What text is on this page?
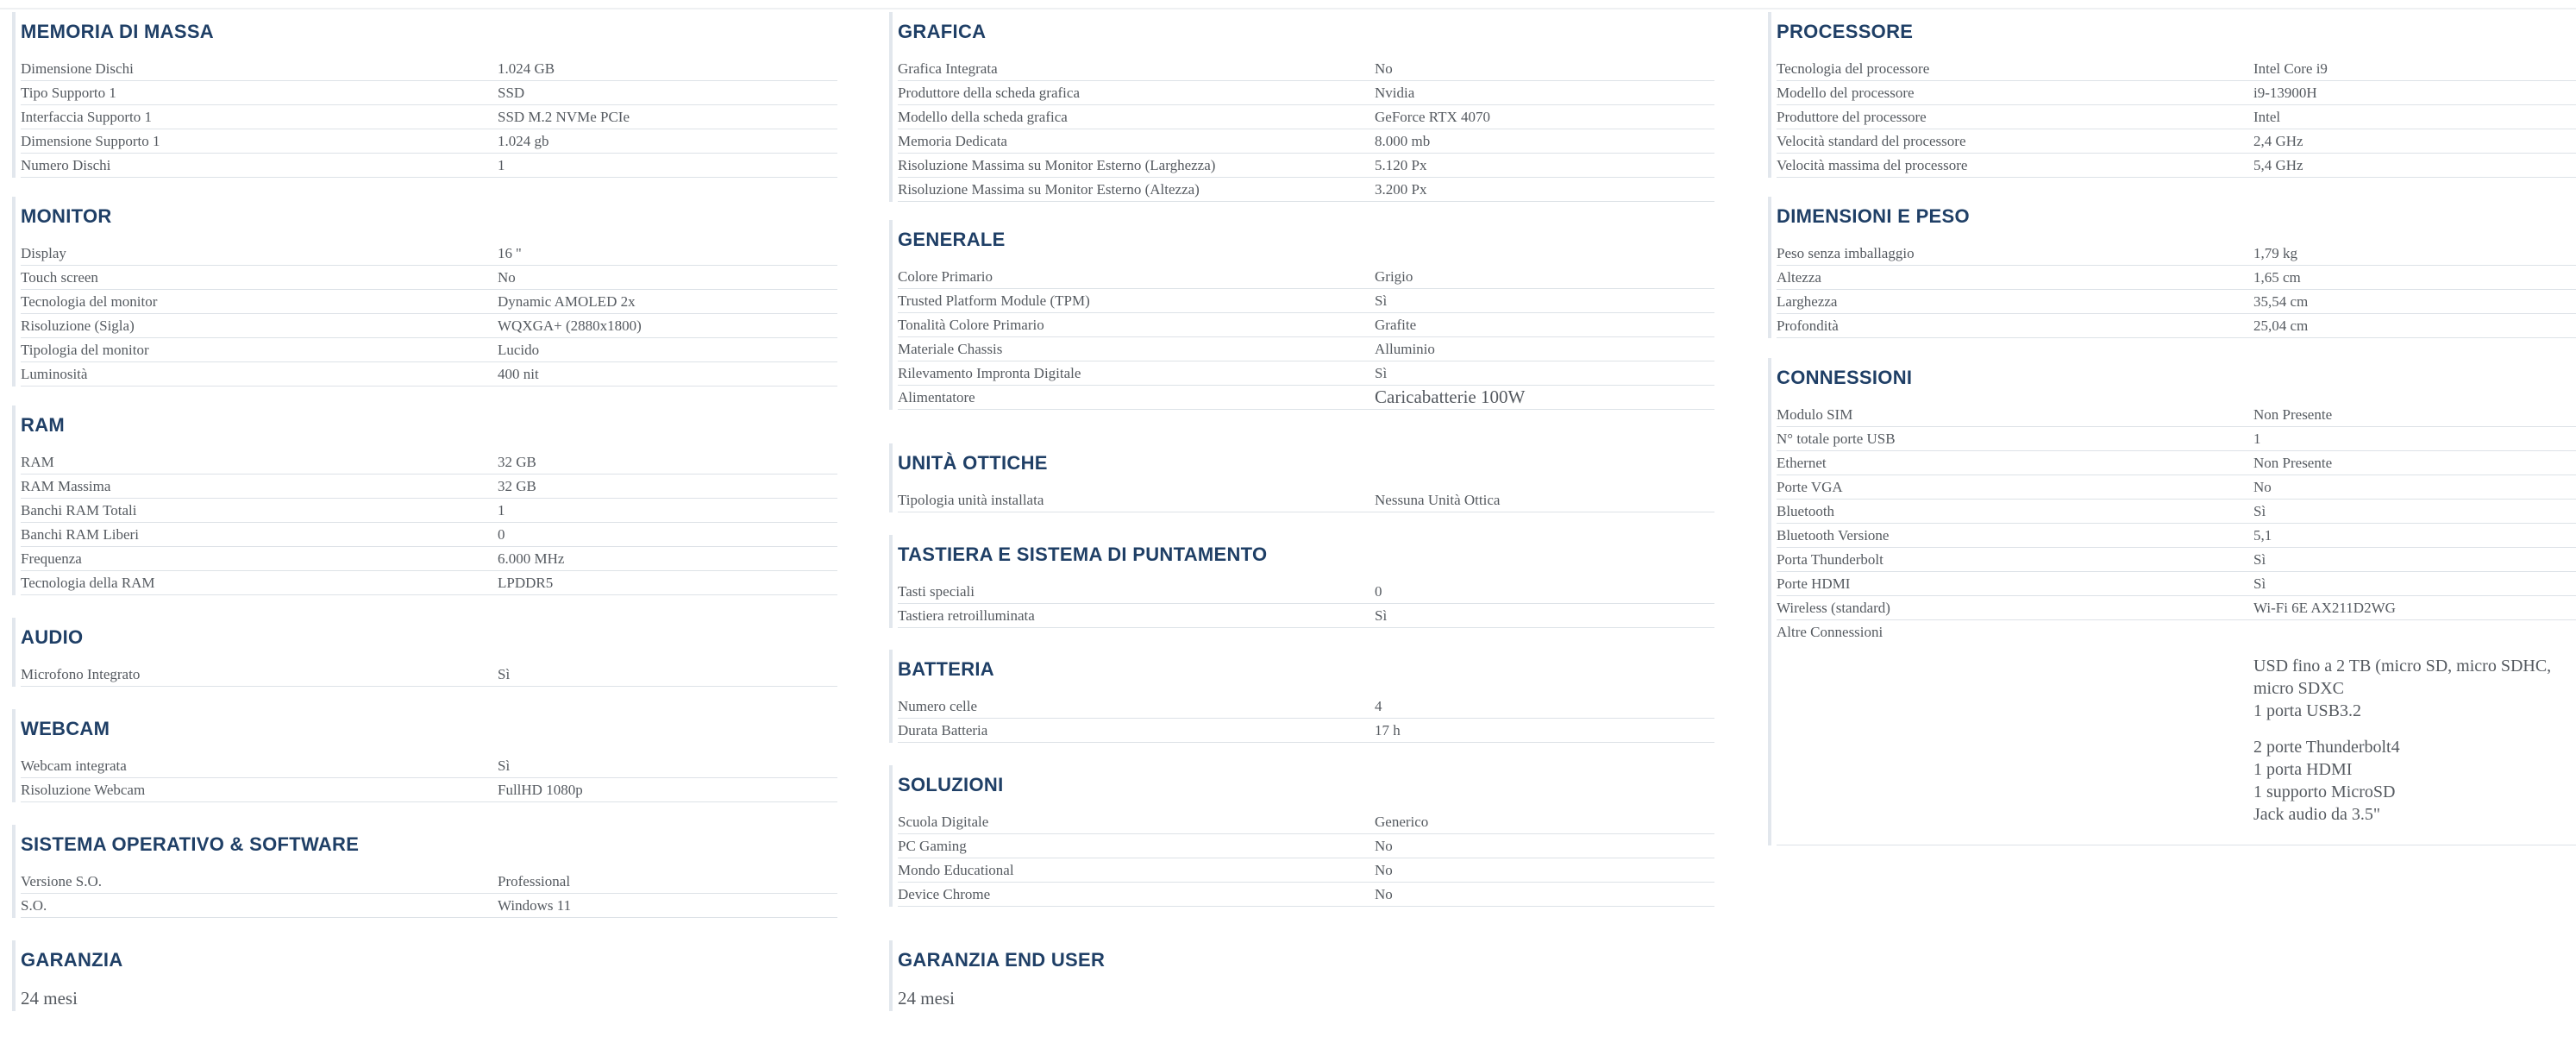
MEMORIA DI MASSA
Dimensione Dischi	1.024 GB
Tipo Supporto 1	SSD
Interfaccia Supporto 1	SSD M.2 NVMe PCIe
Dimensione Supporto 1	1.024 gb
Numero Dischi	1
MONITOR
Display	16 ''
Touch screen	No
Tecnologia del monitor	Dynamic AMOLED 2x
Risoluzione (Sigla)	WQXGA+ (2880x1800)
Tipologia del monitor	Lucido
Luminosità	400 nit
RAM
RAM	32 GB
RAM Massima	32 GB
Banchi RAM Totali	1
Banchi RAM Liberi	0
Frequenza	6.000 MHz
Tecnologia della RAM	LPDDR5
AUDIO
Microfono Integrato	Sì
WEBCAM
Webcam integrata	Sì
Risoluzione Webcam	FullHD 1080p
SISTEMA OPERATIVO & SOFTWARE
Versione S.O.	Professional
S.O.	Windows 11
GARANZIA
24 mesi
GRAFICA
Grafica Integrata	No
Produttore della scheda grafica	Nvidia
Modello della scheda grafica	GeForce RTX 4070
Memoria Dedicata	8.000 mb
Risoluzione Massima su Monitor Esterno (Larghezza)	5.120 Px
Risoluzione Massima su Monitor Esterno (Altezza)	3.200 Px
GENERALE
Colore Primario	Grigio
Trusted Platform Module (TPM)	Sì
Tonalità Colore Primario	Grafite
Materiale Chassis	Alluminio
Rilevamento Impronta Digitale	Sì
Alimentatore	Caricabatterie 100W
UNITÀ OTTICHE
Tipologia unità installata	Nessuna Unità Ottica
TASTIERA E SISTEMA DI PUNTAMENTO
Tasti speciali	0
Tastiera retroilluminata	Sì
BATTERIA
Numero celle	4
Durata Batteria	17 h
SOLUZIONI
Scuola Digitale	Generico
PC Gaming	No
Mondo Educational	No
Device Chrome	No
GARANZIA END USER
24 mesi
PROCESSORE
Tecnologia del processore	Intel Core i9
Modello del processore	i9-13900H
Produttore del processore	Intel
Velocità standard del processore	2,4 GHz
Velocità massima del processore	5,4 GHz
DIMENSIONI E PESO
Peso senza imballaggio	1,79 kg
Altezza	1,65 cm
Larghezza	35,54 cm
Profondità	25,04 cm
CONNESSIONI
Modulo SIM	Non Presente
N° totale porte USB	1
Ethernet	Non Presente
Porte VGA	No
Bluetooth	Sì
Bluetooth Versione	5,1
Porta Thunderbolt	Sì
Porte HDMI	Sì
Wireless (standard)	Wi-Fi 6E AX211D2WG
Altre Connessioni
USD fino a 2 TB (micro SD, micro SDHC,
micro SDXC
1 porta USB3.2
2 porte Thunderbolt4
1 porta HDMI
1 supporto MicroSD
Jack audio da 3.5"
